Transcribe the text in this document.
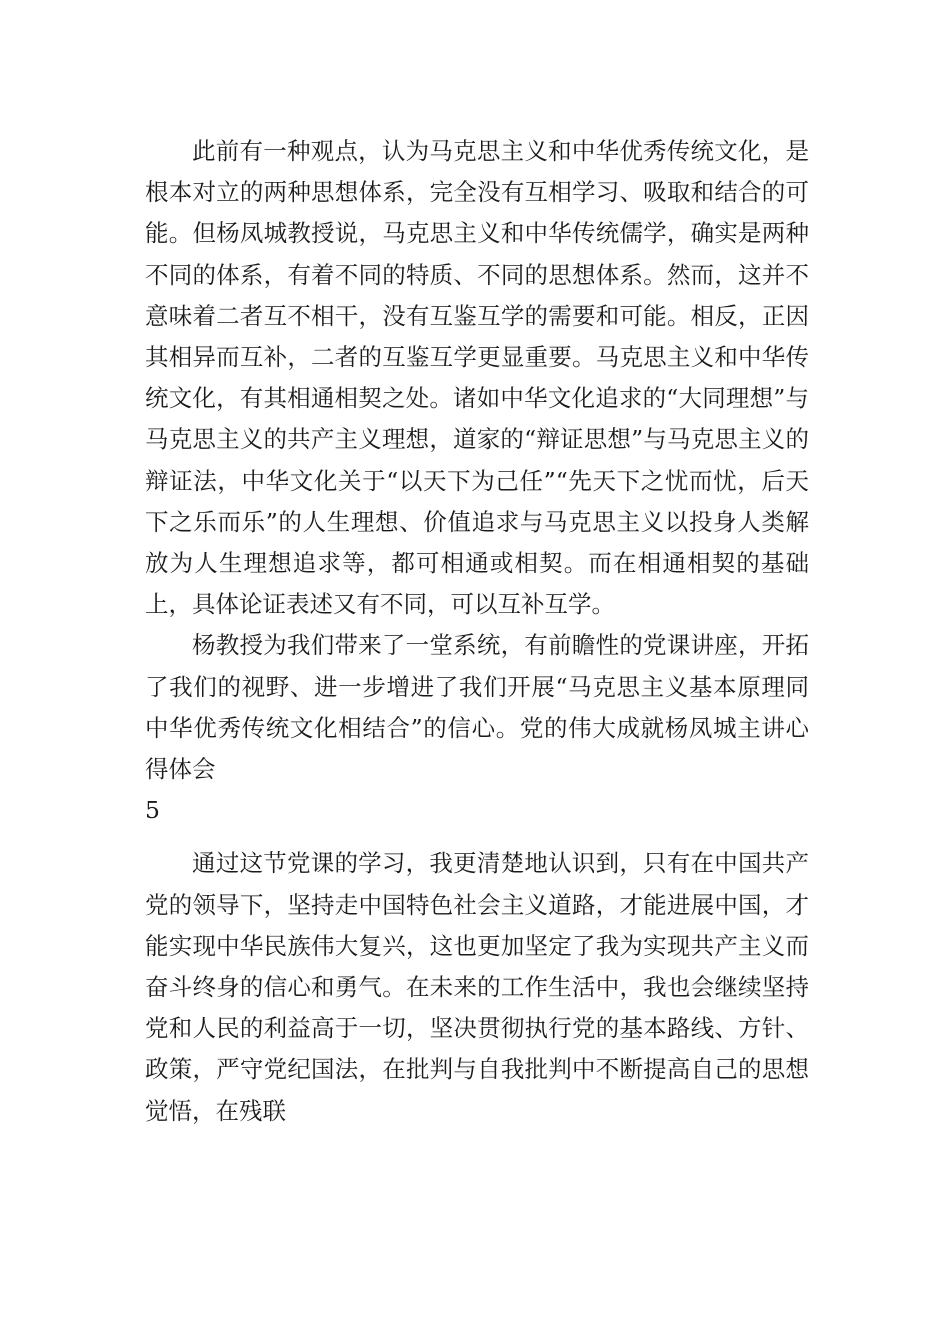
此前有一种观点，认为马克思主义和中华优秀传统文化，是根本对立的两种思想体系，完全没有互相学习、吸取和结合的可能。但杨凤城教授说，马克思主义和中华传统儒学，确实是两种不同的体系，有着不同的特质、不同的思想体系。然而，这并不意味着二者互不相干，没有互鉴互学的需要和可能。相反，正因其相异而互补，二者的互鉴互学更显重要。马克思主义和中华传统文化，有其相通相契之处。诸如中华文化追求的“大同理想”与马克思主义的共产主义理想，道家的“辩证思想”与马克思主义的辩证法，中华文化关于“以天下为己任”“先天下之忧而忧，后天下之乐而乐”的人生理想、价值追求与马克思主义以投身人类解放为人生理想追求等，都可相通或相契。而在相通相契的基础上，具体论证表述又有不同，可以互补互学。

杨教授为我们带来了一堂系统，有前瞻性的党课讲座，开拓了我们的视野、进一步增进了我们开展“马克思主义基本原理同中华优秀传统文化相结合”的信心。党的伟大成就杨凤城主讲心得体会

5

通过这节党课的学习，我更清楚地认识到，只有在中国共产党的领导下，坚持走中国特色社会主义道路，才能进展中国，才能实现中华民族伟大复兴，这也更加坚定了我为实现共产主义而奋斗终身的信心和勇气。在未来的工作生活中，我也会继续坚持党和人民的利益高于一切，坚决贯彻执行党的基本路线、方针、政策，严守党纪国法，在批判与自我批判中不断提高自己的思想觉悟，在残联
